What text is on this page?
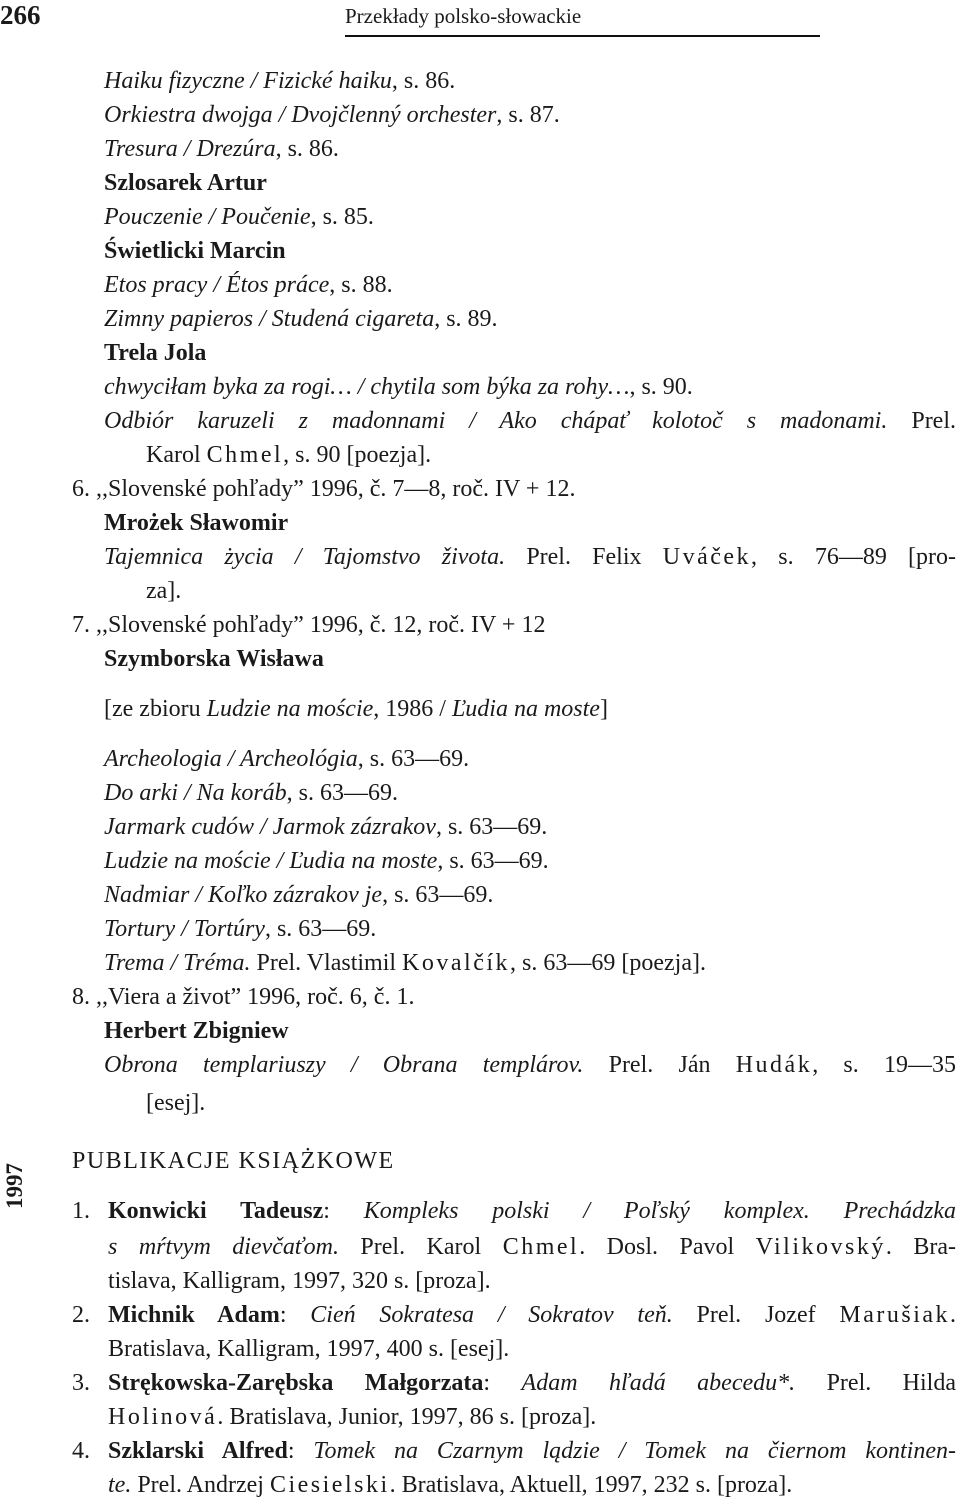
266	Przekłady polsko-słowackie
1997
Haiku fizyczne / Fizické haiku, s. 86.
Orkiestra dwojga / Dvojčlenný orchester, s. 87.
Tresura / Drezúra, s. 86.
Szlosarek Artur
Pouczenie / Poučenie, s. 85.
Świetlicki Marcin
Etos pracy / Étos práce, s. 88.
Zimny papieros / Studená cigareta, s. 89.
Trela Jola
chwyciłam byka za rogi… / chytila som býka za rohy…, s. 90.
Odbiór karuzeli z madonnami / Ako chápať kolotoč s madonami. Prel.
Karol Chmel, s. 90 [poezja].
6. ,,Slovenské pohľady” 1996, č. 7—8, roč. IV + 12.
Mrożek Sławomir
Tajemnica życia / Tajomstvo života. Prel. Felix Uváček, s. 76—89 [pro-
za].
7. ,,Slovenské pohľady” 1996, č. 12, roč. IV + 12
Szymborska Wisława
[ze zbioru Ludzie na moście, 1986 / Ľudia na moste]
Archeologia / Archeológia, s. 63—69.
Do arki / Na koráb, s. 63—69.
Jarmark cudów / Jarmok zázrakov, s. 63—69.
Ludzie na moście / Ľudia na moste, s. 63—69.
Nadmiar / Koľko zázrakov je, s. 63—69.
Tortury / Tortúry, s. 63—69.
Trema / Tréma. Prel. Vlastimil Kovalčík, s. 63—69 [poezja].
8. ,,Viera a život” 1996, roč. 6, č. 1.
Herbert Zbigniew
Obrona templariuszy / Obrana templárov. Prel. Ján Hudák, s. 19—35
[esej].
PUBLIKACJE KSIĄŻKOWE
1. Konwicki Tadeusz: Kompleks polski / Poľský komplex. Prechádzka
s mŕtvym dievčaťom. Prel. Karol Chmel. Dosl. Pavol Vilikovský. Bra-
tislava, Kalligram, 1997, 320 s. [proza].
2. Michnik Adam: Cień Sokratesa / Sokratov teň. Prel. Jozef Marušiak.
Bratislava, Kalligram, 1997, 400 s. [esej].
3. Strękowska-Zarębska Małgorzata: Adam hľadá abecedu*. Prel. Hilda
Holinová. Bratislava, Junior, 1997, 86 s. [proza].
4. Szklarski Alfred: Tomek na Czarnym lądzie / Tomek na čiernom kontinen-
te. Prel. Andrzej Ciesielski. Bratislava, Aktuell, 1997, 232 s. [proza].
